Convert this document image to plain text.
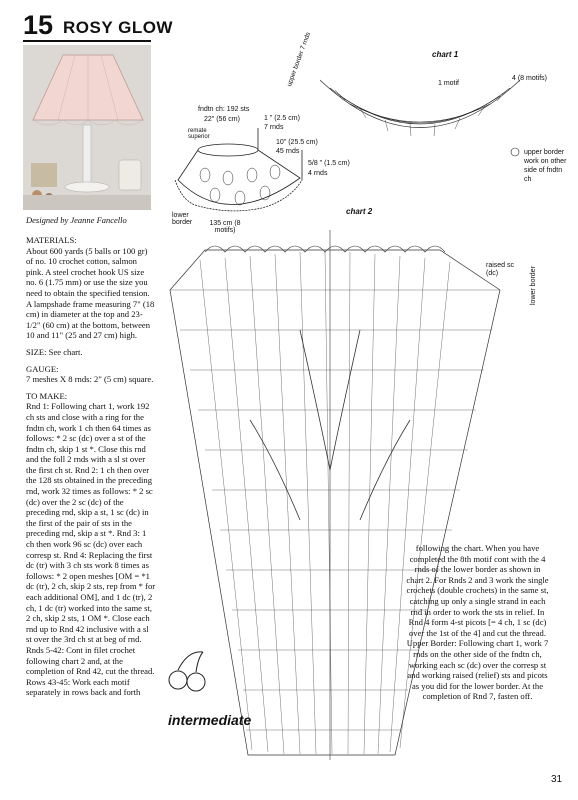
15 ROSY GLOW
Designed by Jeanne Fancello

MATERIALS:
About 600 yards (5 balls or 100 gr) of no. 10 crochet cotton, salmon pink. A steel crochet hook US size no. 6 (1.75 mm) or use the size you need to obtain the specified tension. A lampshade frame measuring 7" (18 cm) in diameter at the top and 23-1/2" (60 cm) at the bottom, between 10 and 11" (25 and 27 cm) high.

SIZE: See chart.

GAUGE:
7 meshes X 8 rnds: 2" (5 cm) square.

TO MAKE:
Rnd 1: Following chart 1, work 192 ch sts and close with a ring for the fndtn ch, work 1 ch then 64 times as follows: * 2 sc (dc) over a st of the fndtn ch, skip 1 st *. Close this rnd and the foll 2 rnds with a sl st over the first ch st. Rnd 2: 1 ch then over the 128 sts obtained in the preceding rnd, work 32 times as follows: * 2 sc (dc) over the 2 sc (dc) of the preceding rnd, skip a st, 1 sc (dc) in the first of the pair of sts in the preceding rnd, skip a st *. Rnd 3: 1 ch then work 96 sc (dc) over each corresp st. Rnd 4: Replacing the first dc (tr) with 3 ch sts work 8 times as follows: * 2 open meshes [OM = *1 dc (tr), 2 ch, skip 2 sts, rep from * for each additional OM], and 1 dc (tr), 2 ch, 1 dc (tr) worked into the same st, 2 ch, skip 2 sts, 1 OM *. Close each rnd up to Rnd 42 inclusive with a sl st over the 3rd ch st at beg of rnd. Rnds 5-42: Cont in filet crochet following chart 2 and, at the completion of Rnd 42, cut the thread. Rows 43-45: Work each motif separately in rows back and forth

following the chart. When you have completed the 8th motif cont with the 4 rnds of the lower border as shown in chart 2. For Rnds 2 and 3 work the single crochets (double crochets) in the same st, catching up only a single strand in each rnd in order to work the sts in relief. In Rnd 4 form 4-st picots [= 4 ch, 1 sc (dc) over the 1st of the 4] and cut the thread. Upper Border: Following chart 1, work 7 rnds on the other side of the fndtn ch, working each sc (dc) over the corresp st and working raised (relief) sts and picots as you did for the lower border. At the completion of Rnd 7, fasten off.

fndtn ch: 192 sts
22" (56 cm)
remate superior
1 " (2.5 cm)
7 rnds
10" (25.5 cm)
45 rnds
5/8 " (1.5 cm)
4 rnds
lower border	135 cm (8 motifs)
chart 1
upper border 7 rnds	1 motif
4 (8 motifs)
upper border work on other side of fndtn ch
chart 2
raised sc (dc)	lower border
intermediate
31
